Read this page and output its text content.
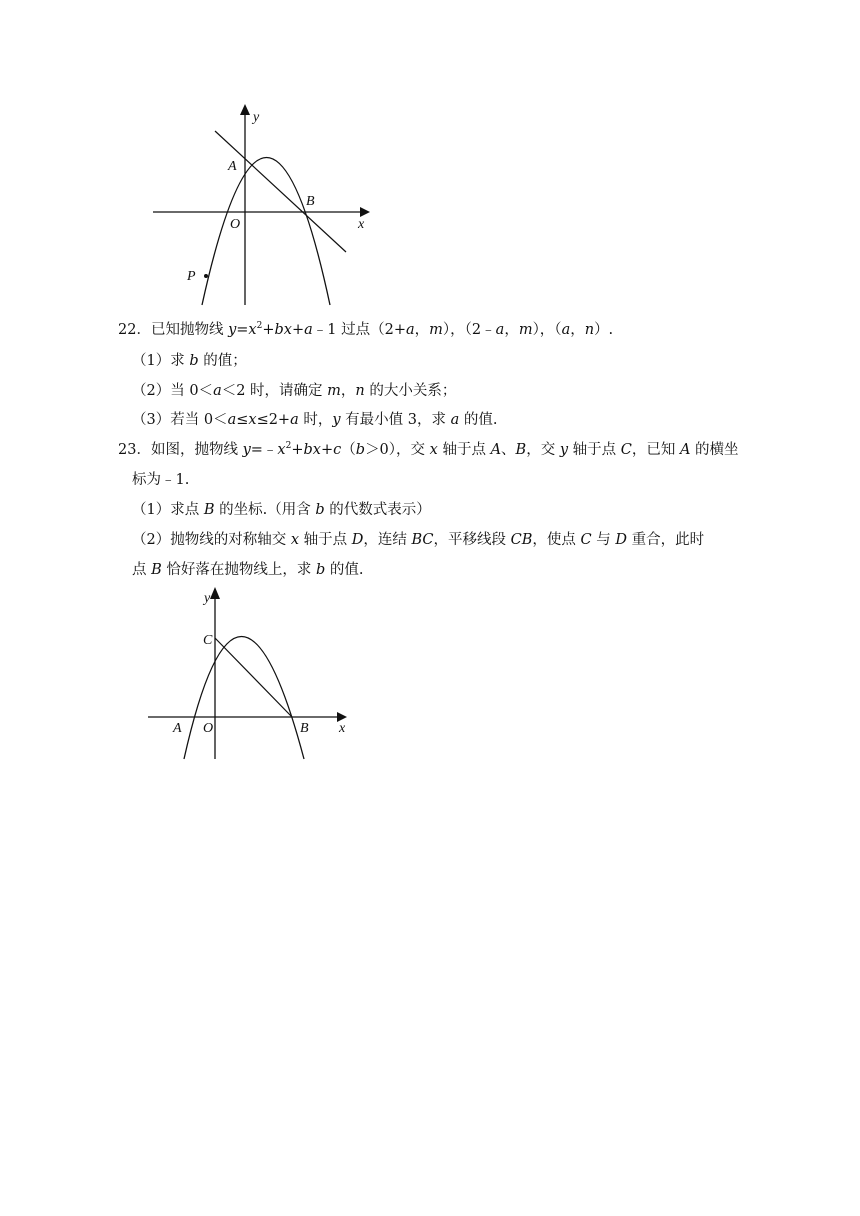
y
x
A
B
O
P
22．已知抛物线 $y=x^2+bx+a﹣1$ 过点（2+a，m），（2﹣a，m），（a，n）.
（1）求 b 的值；
（2）当 0＜a＜2 时，请确定 m，n 的大小关系；
（3）若当 0＜a≤x≤2+a 时，y 有最小值 3，求 a 的值.
23．如图，抛物线 $y=﹣x^2+bx+c(b>0)$，交 x 轴于点 A、B，交 y 轴于点 C，已知 A 的横坐
标为﹣1.
（1）求点 B 的坐标.（用含 b 的代数式表示）
（2）抛物线的对称轴交 x 轴于点 D，连结 BC，平移线段 CB，使点 C 与 D 重合，此时
点 B 恰好落在抛物线上，求 b 的值.
y
x
C
A O	B
